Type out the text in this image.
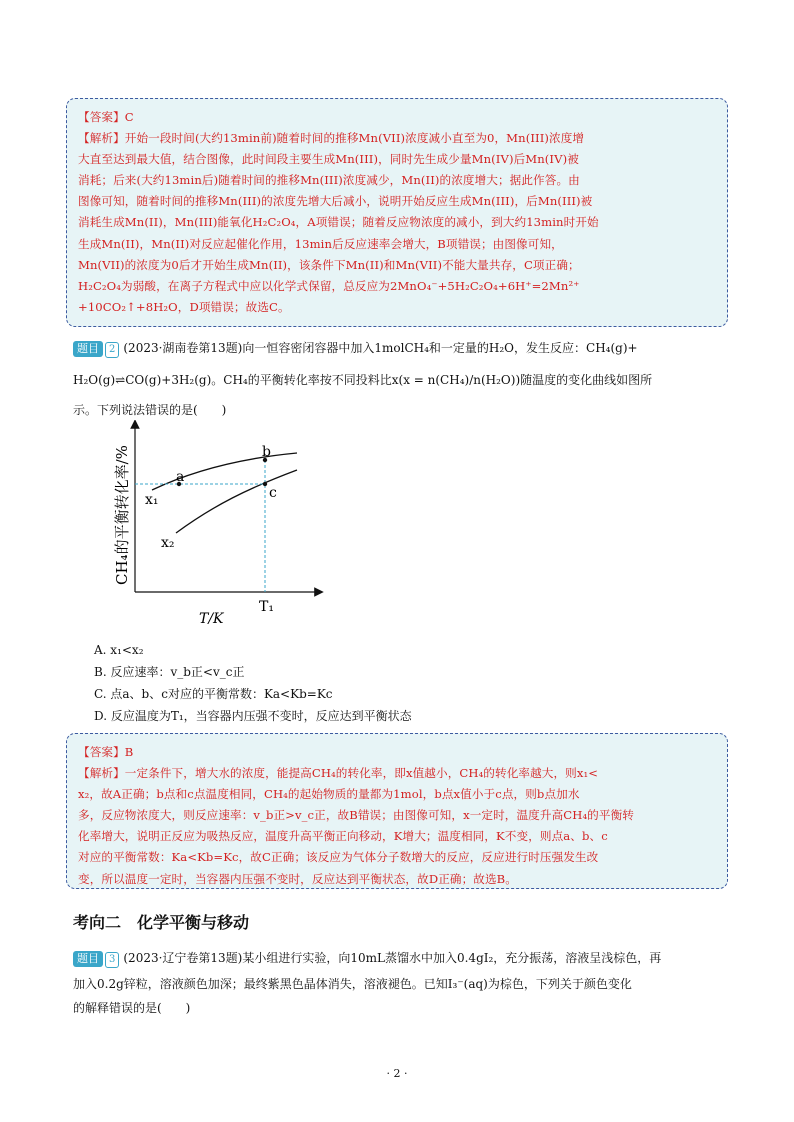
【答案】C

【解析】开始一段时间(大约13min前)随着时间的推移Mn(VII)浓度减小直至为0，Mn(III)浓度增

大直至达到最大值，结合图像，此时间段主要生成Mn(III)，同时先生成少量Mn(IV)后Mn(IV)被

消耗；后来(大约13min后)随着时间的推移Mn(III)浓度减少，Mn(II)的浓度增大；据此作答。由

图像可知，随着时间的推移Mn(III)的浓度先增大后减小，说明开始反应生成Mn(III)，后Mn(III)被

消耗生成Mn(II)，Mn(III)能氧化H₂C₂O₄，A项错误；随着反应物浓度的减小，到大约13min时开始

生成Mn(II)，Mn(II)对反应起催化作用，13min后反应速率会增大，B项错误；由图像可知，

Mn(VII)的浓度为0后才开始生成Mn(II)，该条件下Mn(II)和Mn(VII)不能大量共存，C项正确；

H₂C₂O₄为弱酸，在离子方程式中应以化学式保留，总反应为2MnO₄⁻+5H₂C₂O₄+6H⁺=2Mn²⁺

+10CO₂↑+8H₂O，D项错误；故选C。

题目 2 (2023·湖南卷第13题)向一恒容密闭容器中加入1molCH₄和一定量的H₂O，发生反应：CH₄(g)+
H₂O(g)⇌CO(g)+3H₂(g)。CH₄的平衡转化率按不同投料比x(x = n(CH₄)/n(H₂O))随温度的变化曲线如图所
示。下列说法错误的是(　　)
a
b
c
x₁
x₂
T₁
T/K
CH₄的平衡转化率/%
A. x₁<x₂
B. 反应速率：v_b正<v_c正
C. 点a、b、c对应的平衡常数：Ka<Kb=Kc
D. 反应温度为T₁，当容器内压强不变时，反应达到平衡状态

【答案】B

【解析】一定条件下，增大水的浓度，能提高CH₄的转化率，即x值越小，CH₄的转化率越大，则x₁<

x₂，故A正确；b点和c点温度相同，CH₄的起始物质的量都为1mol，b点x值小于c点，则b点加水

多，反应物浓度大，则反应速率：v_b正>v_c正，故B错误；由图像可知，x一定时，温度升高CH₄的平衡转

化率增大，说明正反应为吸热反应，温度升高平衡正向移动，K增大；温度相同，K不变，则点a、b、c

对应的平衡常数：Ka<Kb=Kc，故C正确；该反应为气体分子数增大的反应，反应进行时压强发生改

变，所以温度一定时，当容器内压强不变时，反应达到平衡状态，故D正确；故选B。

考向二　化学平衡与移动
题目 3 (2023·辽宁卷第13题)某小组进行实验，向10mL蒸馏水中加入0.4gI₂，充分振荡，溶液呈浅棕色，再
加入0.2g锌粒，溶液颜色加深；最终紫黑色晶体消失，溶液褪色。已知I₃⁻(aq)为棕色，下列关于颜色变化
的解释错误的是(　　)
· 2 ·
